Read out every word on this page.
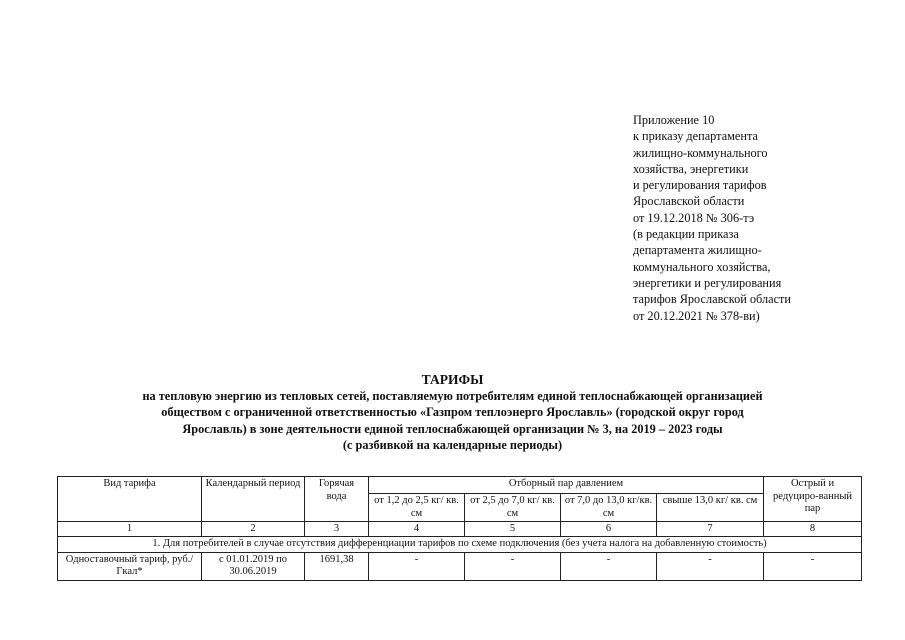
Приложение 10
к приказу департамента
жилищно-коммунального
хозяйства, энергетики
и регулирования тарифов
Ярославской области
от 19.12.2018 № 306-тэ
(в редакции приказа
департамента жилищно-
коммунального хозяйства,
энергетики и регулирования
тарифов Ярославской области
от 20.12.2021 № 378-ви)
ТАРИФЫ
на тепловую энергию из тепловых сетей, поставляемую потребителям единой теплоснабжающей организацией
обществом с ограниченной ответственностью «Газпром теплоэнерго Ярославль» (городской округ город
Ярославль) в зоне деятельности единой теплоснабжающей организации № 3, на 2019 – 2023 годы
(с разбивкой на календарные периоды)
Вид тарифа	Календарный период	Горячая вода	Отборный пар давлением				Острый и редуциро-ванный пар
			от 1,2 до 2,5 кг/ кв. см	от 2,5 до 7,0 кг/ кв. см	от 7,0 до 13,0 кг/кв. см	свыше 13,0 кг/ кв. см	
1	2	3	4	5	6	7	8
1. Для потребителей в случае отсутствия дифференциации тарифов по схеме подключения (без учета налога на добавленную стоимость)							
Одноставочный тариф, руб./Гкал*	с 01.01.2019 по 30.06.2019	1691,38	-	-	-	-	-
